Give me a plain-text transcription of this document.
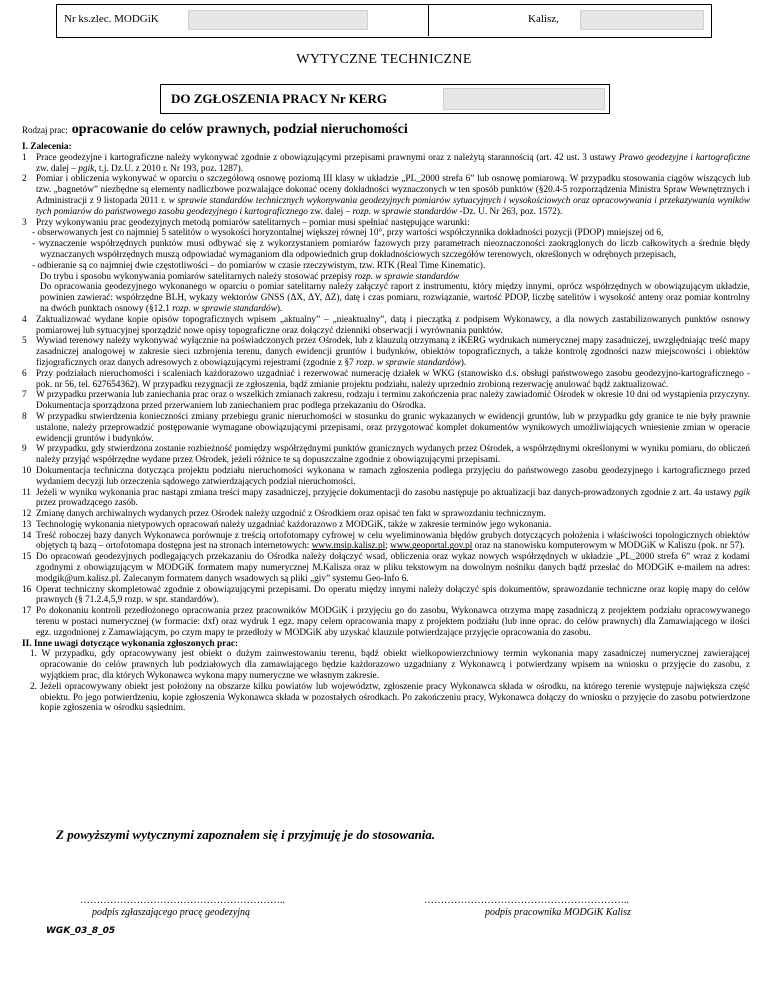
Nr ks.zlec. MODGiK	Kalisz,
WYTYCZNE TECHNICZNE
DO ZGŁOSZENIA PRACY Nr KERG
Rodzaj prac: opracowanie do celów prawnych, podział nieruchomości
I. Zalecenia:
1 Prace geodezyjne i kartograficzne należy wykonywać zgodnie z obowiązującymi przepisami prawnymi oraz z należytą starannością (art. 42 ust. 3 ustawy Prawo geodezyjne i kartograficzne zw. dalej – pgik, t.j. Dz.U. z 2010 r. Nr 193, poz. 1287).
2 Pomiar i obliczenia wykonywać w oparciu o szczegółową osnowę poziomą III klasy w układzie „PL_2000 strefa 6” lub osnowę pomiarową. W przypadku stosowania ciągów wiszących lub tzw. „bagnetów” niezbędne są elementy nadliczbowe pozwalające dokonać oceny dokładności wyznaczonych w ten sposób punktów (§20.4-5 rozporządzenia Ministra Spraw Wewnętrznych i Administracji z 9 listopada 2011 r. w sprawie standardów technicznych wykonywania geodezyjnych pomiarów sytuacyjnych i wysokościowych oraz opracowywania i przekazywania wyników tych pomiarów do państwowego zasobu geodezyjnego i kartograficznego zw. dalej – rozp. w sprawie standardów -Dz. U. Nr 263, poz. 1572).
3 Przy wykonywaniu prac geodezyjnych metodą pomiarów satelitarnych – pomiar musi spełniać następujące warunki:
- obserwowanych jest co najmniej 5 satelitów o wysokości horyzontalnej większej równej 10°, przy wartości współczynnika dokładności pozycji (PDOP) mniejszej od 6,
- wyznaczenie współrzędnych punktów musi odbywać się z wykorzystaniem pomiarów fazowych przy parametrach nieoznaczoności zaokrąglonych do liczb całkowitych a średnie błędy wyznaczanych współrzędnych muszą odpowiadać wymaganiom dla odpowiednich grup dokładnościowych szczegółów terenowych, określonych w odrębnych przepisach,
- odbieranie są co najmniej dwie częstotliwości – do pomiarów w czasie rzeczywistym, tzw. RTK (Real Time Kinematic).
Do trybu i sposobu wykonywania pomiarów satelitarnych należy stosować przepisy rozp. w sprawie standardów
Do opracowania geodezyjnego wykonanego w oparciu o pomiar satelitarny należy załączyć raport z instrumentu, który między innymi, oprócz współrzędnych w obowiązującym układzie, powinien zawierać: współrzędne BLH, wykazy wektorów GNSS (ΔX, ΔY, ΔZ), datę i czas pomiaru, rozwiązanie, wartość PDOP, liczbę satelitów i wysokość anteny oraz pomiar kontrolny na dwóch punktach osnowy (§12.1 rozp. w sprawie standardów).
4 Zaktualizować wydane kopie opisów topograficznych wpisem „aktualny” – „nieaktualny”, datą i pieczątką z podpisem Wykonawcy, a dla nowych zastabilizowanych punktów osnowy pomiarowej lub sytuacyjnej sporządzić nowe opisy topograficzne oraz dołączyć dzienniki obserwacji i wyrównania punktów.
5 Wywiad terenowy należy wykonywać wyłącznie na poświadczonych przez Ośrodek, lub z klauzulą otrzymaną z iKERG wydrukach numerycznej mapy zasadniczej, uwzględniając treść mapy zasadniczej analogowej w zakresie sieci uzbrojenia terenu, danych ewidencji gruntów i budynków, obiektów topograficznych, a także kontrolę zgodności nazw miejscowości i obiektów fizjograficznych oraz danych adresowych z obowiązującymi rejestrami (zgodnie z §7 rozp. w sprawie standardów).
6 Przy podziałach nieruchomości i scaleniach każdorazowo uzgadniać i rezerwować numerację działek w WKG (stanowisko d.s. obsługi państwowego zasobu geodezyjno-kartograficznego - pok. nr 56, tel. 627654362). W przypadku rezygnacji ze zgłoszenia, bądź zmianie projektu podziału, należy uprzednio zrobioną rezerwację anulować bądź zaktualizować.
7 W przypadku przerwania lub zaniechania prac oraz o wszelkich zmianach zakresu, rodzaju i terminu zakończenia prac należy zawiadomić Ośrodek w okresie 10 dni od wystąpienia przyczyny. Dokumentacja sporządzona przed przerwaniem lub zaniechaniem prac podlega przekazaniu do Ośrodka.
8 W przypadku stwierdzenia konieczności zmiany przebiegu granic nieruchomości w stosunku do granic wykazanych w ewidencji gruntów, lub w przypadku gdy granice te nie były prawnie ustalone, należy przeprowadzić postępowanie wymagane obowiązującymi przepisami, oraz przygotować komplet dokumentów wynikowych umożliwiających wniesienie zmian w operacie ewidencji gruntów i budynków.
9 W przypadku, gdy stwierdzona zostanie rozbieżność pomiędzy współrzędnymi punktów granicznych wydanych przez Ośrodek, a współrzędnymi określonymi w wyniku pomiaru, do obliczeń należy przyjąć współrzędne wydane przez Ośrodek, jeżeli różnice te są dopuszczalne zgodnie z obowiązującymi przepisami.
10 Dokumentacja techniczna dotycząca projektu podziału nieruchomości wykonana w ramach zgłoszenia podlega przyjęciu do państwowego zasobu geodezyjnego i kartograficznego przed wydaniem decyzji lub orzeczenia sądowego zatwierdzających podział nieruchomości.
11 Jeżeli w wyniku wykonania prac nastąpi zmiana treści mapy zasadniczej, przyjęcie dokumentacji do zasobu następuje po aktualizacji baz danych-prowadzonych zgodnie z art. 4a ustawy pgik przez prowadzącego zasób.
12 Zmianę danych archiwalnych wydanych przez Ośrodek należy uzgodnić z Ośrodkiem oraz opisać ten fakt w sprawozdaniu technicznym.
13 Technologię wykonania nietypowych opracowań należy uzgadniać każdorazowo z MODGiK, także w zakresie terminów jego wykonania.
14 Treść roboczej bazy danych Wykonawca porównuje z treścią ortofotomapy cyfrowej w celu wyeliminowania błędów grubych dotyczących położenia i właściwości topologicznych obiektów objętych tą bazą – ortofotomapa dostępna jest na stronach internetowych: www.msip.kalisz.pl; www.geoportal.gov.pl oraz na stanowisku komputerowym w MODGiK w Kaliszu (pok. nr 57).
15 Do opracowań geodezyjnych podlegających przekazaniu do Ośrodka należy dołączyć wsad, obliczenia oraz wykaz nowych współrzędnych w układzie „PL_2000 strefa 6” wraz z kodami zgodnymi z obowiązującym w MODGiK formatem mapy numerycznej M.Kalisza oraz w pliku tekstowym na dowolnym nośniku danych bądź przesłać do MODGiK e-mailem na adres: modgik@um.kalisz.pl. Zalecanym formatem danych wsadowych są pliki „giv” systemu Geo-Info 6.
16 Operat techniczny skompletować zgodnie z obowiązującymi przepisami. Do operatu między innymi należy dołączyć spis dokumentów, sprawozdanie techniczne oraz kopię mapy do celów prawnych (§ 71.2.4,5,9 rozp. w spr. standardów).
17 Po dokonaniu kontroli przedłożonego opracowania przez pracowników MODGiK i przyjęciu go do zasobu, Wykonawca otrzyma mapę zasadniczą z projektem podziału opracowywanego terenu w postaci numerycznej (w formacie: dxf) oraz wydruk 1 egz. mapy celem opracowania mapy z projektem podziału (lub inne oprac. do celów prawnych) dla Zamawiającego w ilości egz. uzgodnionej z Zamawiającym, po czym mapy te przedłoży w MODGiK aby uzyskać klauzule potwierdzające przyjęcie opracowania do zasobu.
II. Inne uwagi dotyczące wykonania zgłoszonych prac:
1. W przypadku, gdy opracowywany jest obiekt o dużym zainwestowaniu terenu, bądź obiekt wielkopowierzchniowy termin wykonania mapy zasadniczej numerycznej zawierającej opracowanie do celów prawnych lub podziałowych dla zamawiającego będzie każdorazowo uzgadniany z Wykonawcą i potwierdzany wpisem na wniosku o przyjęcie do zasobu, z wyjątkiem prac, dla których Wykonawca wykona mapy numeryczne we własnym zakresie.
2. Jeżeli opracowywany obiekt jest położony na obszarze kilku powiatów lub województw, zgłoszenie pracy Wykonawca składa w ośrodku, na którego terenie występuje największa część obiektu. Po jego potwierdzeniu, kopie zgłoszenia Wykonawca składa w pozostałych ośrodkach. Po zakończeniu pracy, Wykonawca dołączy do wniosku o przyjęcie do zasobu potwierdzone kopie zgłoszenia w ośrodku sąsiednim.
Z powyższymi wytycznymi zapoznałem się i przyjmuję je do stosowania.
……………………………………………………..	……………………………………………………..
podpis zgłaszającego pracę geodezyjną	podpis pracownika MODGiK Kalisz
WGK_03_8_05
